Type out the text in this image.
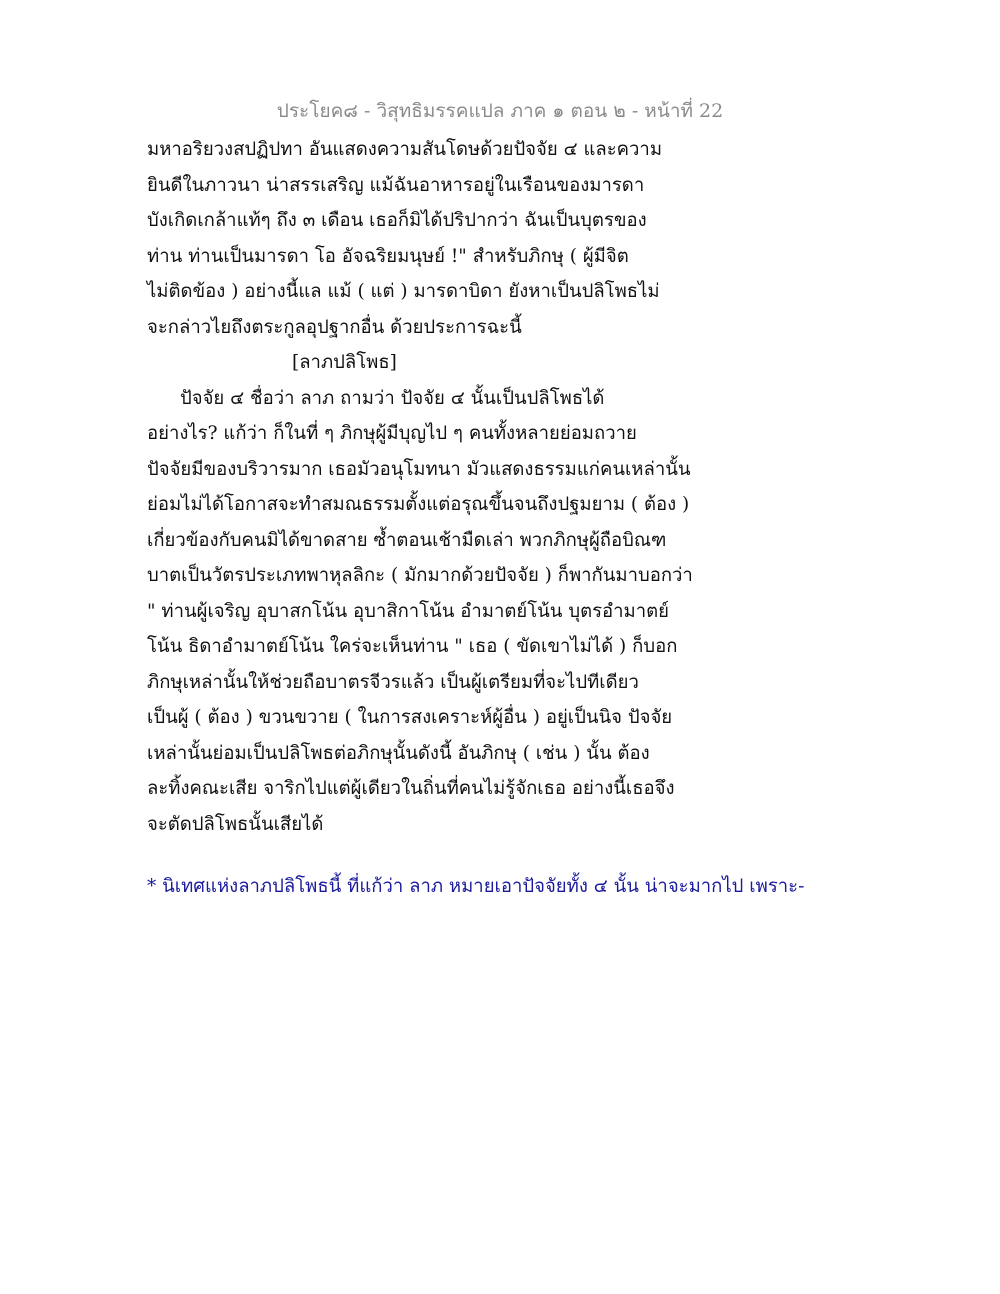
ประโยค๘ - วิสุทธิมรรคแปล ภาค ๑ ตอน ๒ - หน้าที่ 22
มหาอริยวงสปฏิปทา อันแสดงความสันโดษด้วยปัจจัย ๔ และความ
ยินดีในภาวนา น่าสรรเสริญ แม้ฉันอาหารอยู่ในเรือนของมารดา
บังเกิดเกล้าแท้ๆ ถึง ๓ เดือน เธอก็มิได้ปริปากว่า ฉันเป็นบุตรของ
ท่าน ท่านเป็นมารดา โอ อัจฉริยมนุษย์ !" สำหรับภิกษุ ( ผู้มีจิต
ไม่ติดข้อง ) อย่างนี้แล แม้ ( แต่ ) มารดาบิดา ยังหาเป็นปลิโพธไม่
จะกล่าวไยถึงตระกูลอุปฐากอื่น ด้วยประการฉะนี้
[ลาภปลิโพธ]
ปัจจัย ๔ ชื่อว่า ลาภ ถามว่า ปัจจัย ๔ นั้นเป็นปลิโพธได้
อย่างไร? แก้ว่า ก็ในที่ ๆ ภิกษุผู้มีบุญไป ๆ คนทั้งหลายย่อมถวาย
ปัจจัยมีของบริวารมาก เธอมัวอนุโมทนา มัวแสดงธรรมแก่คนเหล่านั้น
ย่อมไม่ได้โอกาสจะทำสมณธรรมตั้งแต่อรุณขึ้นจนถึงปฐมยาม ( ต้อง )
เกี่ยวข้องกับคนมิได้ขาดสาย ซ้ำตอนเช้ามืดเล่า พวกภิกษุผู้ถือบิณฑ
บาตเป็นวัตรประเภทพาหุลลิกะ ( มักมากด้วยปัจจัย ) ก็พากันมาบอกว่า
" ท่านผู้เจริญ อุบาสกโน้น อุบาสิกาโน้น อำมาตย์โน้น บุตรอำมาตย์
โน้น ธิดาอำมาตย์โน้น ใคร่จะเห็นท่าน " เธอ ( ขัดเขาไม่ได้ ) ก็บอก
ภิกษุเหล่านั้นให้ช่วยถือบาตรจีวรแล้ว เป็นผู้เตรียมที่จะไปทีเดียว
เป็นผู้ ( ต้อง ) ขวนขวาย ( ในการสงเคราะห์ผู้อื่น ) อยู่เป็นนิจ ปัจจัย
เหล่านั้นย่อมเป็นปลิโพธต่อภิกษุนั้นดังนี้ อันภิกษุ ( เช่น ) นั้น ต้อง
ละทิ้งคณะเสีย จาริกไปแต่ผู้เดียวในถิ่นที่คนไม่รู้จักเธอ อย่างนี้เธอจึง
จะตัดปลิโพธนั้นเสียได้
* นิเทศแห่งลาภปลิโพธนี้ ที่แก้ว่า ลาภ หมายเอาปัจจัยทั้ง ๔ นั้น น่าจะมากไป เพราะ-
